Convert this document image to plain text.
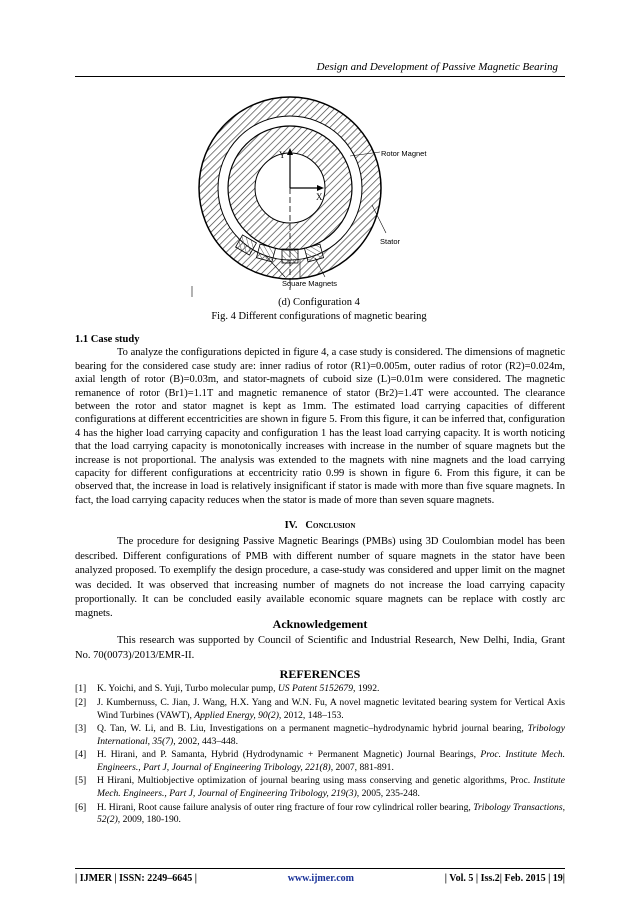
Design and Development of Passive Magnetic Bearing
Y
X
Rotor Magnet
Stator
Square Magnets
(d) Configuration 4
Fig. 4 Different configurations of magnetic bearing

1.1 Case study

To analyze the configurations depicted in figure 4, a case study is considered. The dimensions of magnetic bearing for the considered case study are: inner radius of rotor (R1)=0.005m, outer radius of rotor (R2)=0.024m, axial length of rotor (B)=0.03m, and stator-magnets of cuboid size (L)=0.01m were considered. The magnetic remanence of rotor (Br1)=1.1T and magnetic remanence of stator (Br2)=1.4T were accounted. The clearance between the rotor and stator magnet is kept as 1mm. The estimated load carrying capacities of different configurations at different eccentricities are shown in figure 5. From this figure, it can be inferred that, configuration 4 has the higher load carrying capacity and configuration 1 has the least load carrying capacity. It is worth noticing that the load carrying capacity is monotonically increases with increase in the number of square magnets but the increase is not proportional. The analysis was extended to the magnets with nine magnets and the load carrying capacity for different configurations at eccentricity ratio 0.99 is shown in figure 6. From this figure, it can be observed that, the increase in load is relatively insignificant if stator is made with more than five square magnets. In fact, the load carrying capacity reduces when the stator is made of more than seven square magnets.

IV. Conclusion

The procedure for designing Passive Magnetic Bearings (PMBs) using 3D Coulombian model has been described. Different configurations of PMB with different number of square magnets in the stator have been analyzed proposed. To exemplify the design procedure, a case-study was considered and upper limit on the magnet was decided. It was observed that increasing number of magnets do not increase the load carrying capacity proportionally. It can be concluded easily available economic square magnets can be replace with costly arc magnets.

Acknowledgement

This research was supported by Council of Scientific and Industrial Research, New Delhi, India, Grant No. 70(0073)/2013/EMR-II.

REFERENCES

[1]	K. Yoichi, and S. Yuji, Turbo molecular pump, US Patent 5152679, 1992.
[2]	J. Kumbernuss, C. Jian, J. Wang, H.X. Yang and W.N. Fu, A novel magnetic levitated bearing system for Vertical Axis Wind Turbines (VAWT), Applied Energy, 90(2), 2012, 148–153.
[3]	Q. Tan, W. Li, and B. Liu, Investigations on a permanent magnetic–hydrodynamic hybrid journal bearing, Tribology International, 35(7), 2002, 443–448.
[4]	H. Hirani, and P. Samanta, Hybrid (Hydrodynamic + Permanent Magnetic) Journal Bearings, Proc. Institute Mech. Engineers., Part J, Journal of Engineering Tribology, 221(8), 2007, 881-891.
[5]	H Hirani, Multiobjective optimization of journal bearing using mass conserving and genetic algorithms, Proc. Institute Mech. Engineers., Part J, Journal of Engineering Tribology, 219(3), 2005, 235-248.
[6]	H. Hirani, Root cause failure analysis of outer ring fracture of four row cylindrical roller bearing, Tribology Transactions, 52(2), 2009, 180-190.
| IJMER | ISSN: 2249–6645 |	www.ijmer.com	| Vol. 5 | Iss.2| Feb. 2015 | 19|
